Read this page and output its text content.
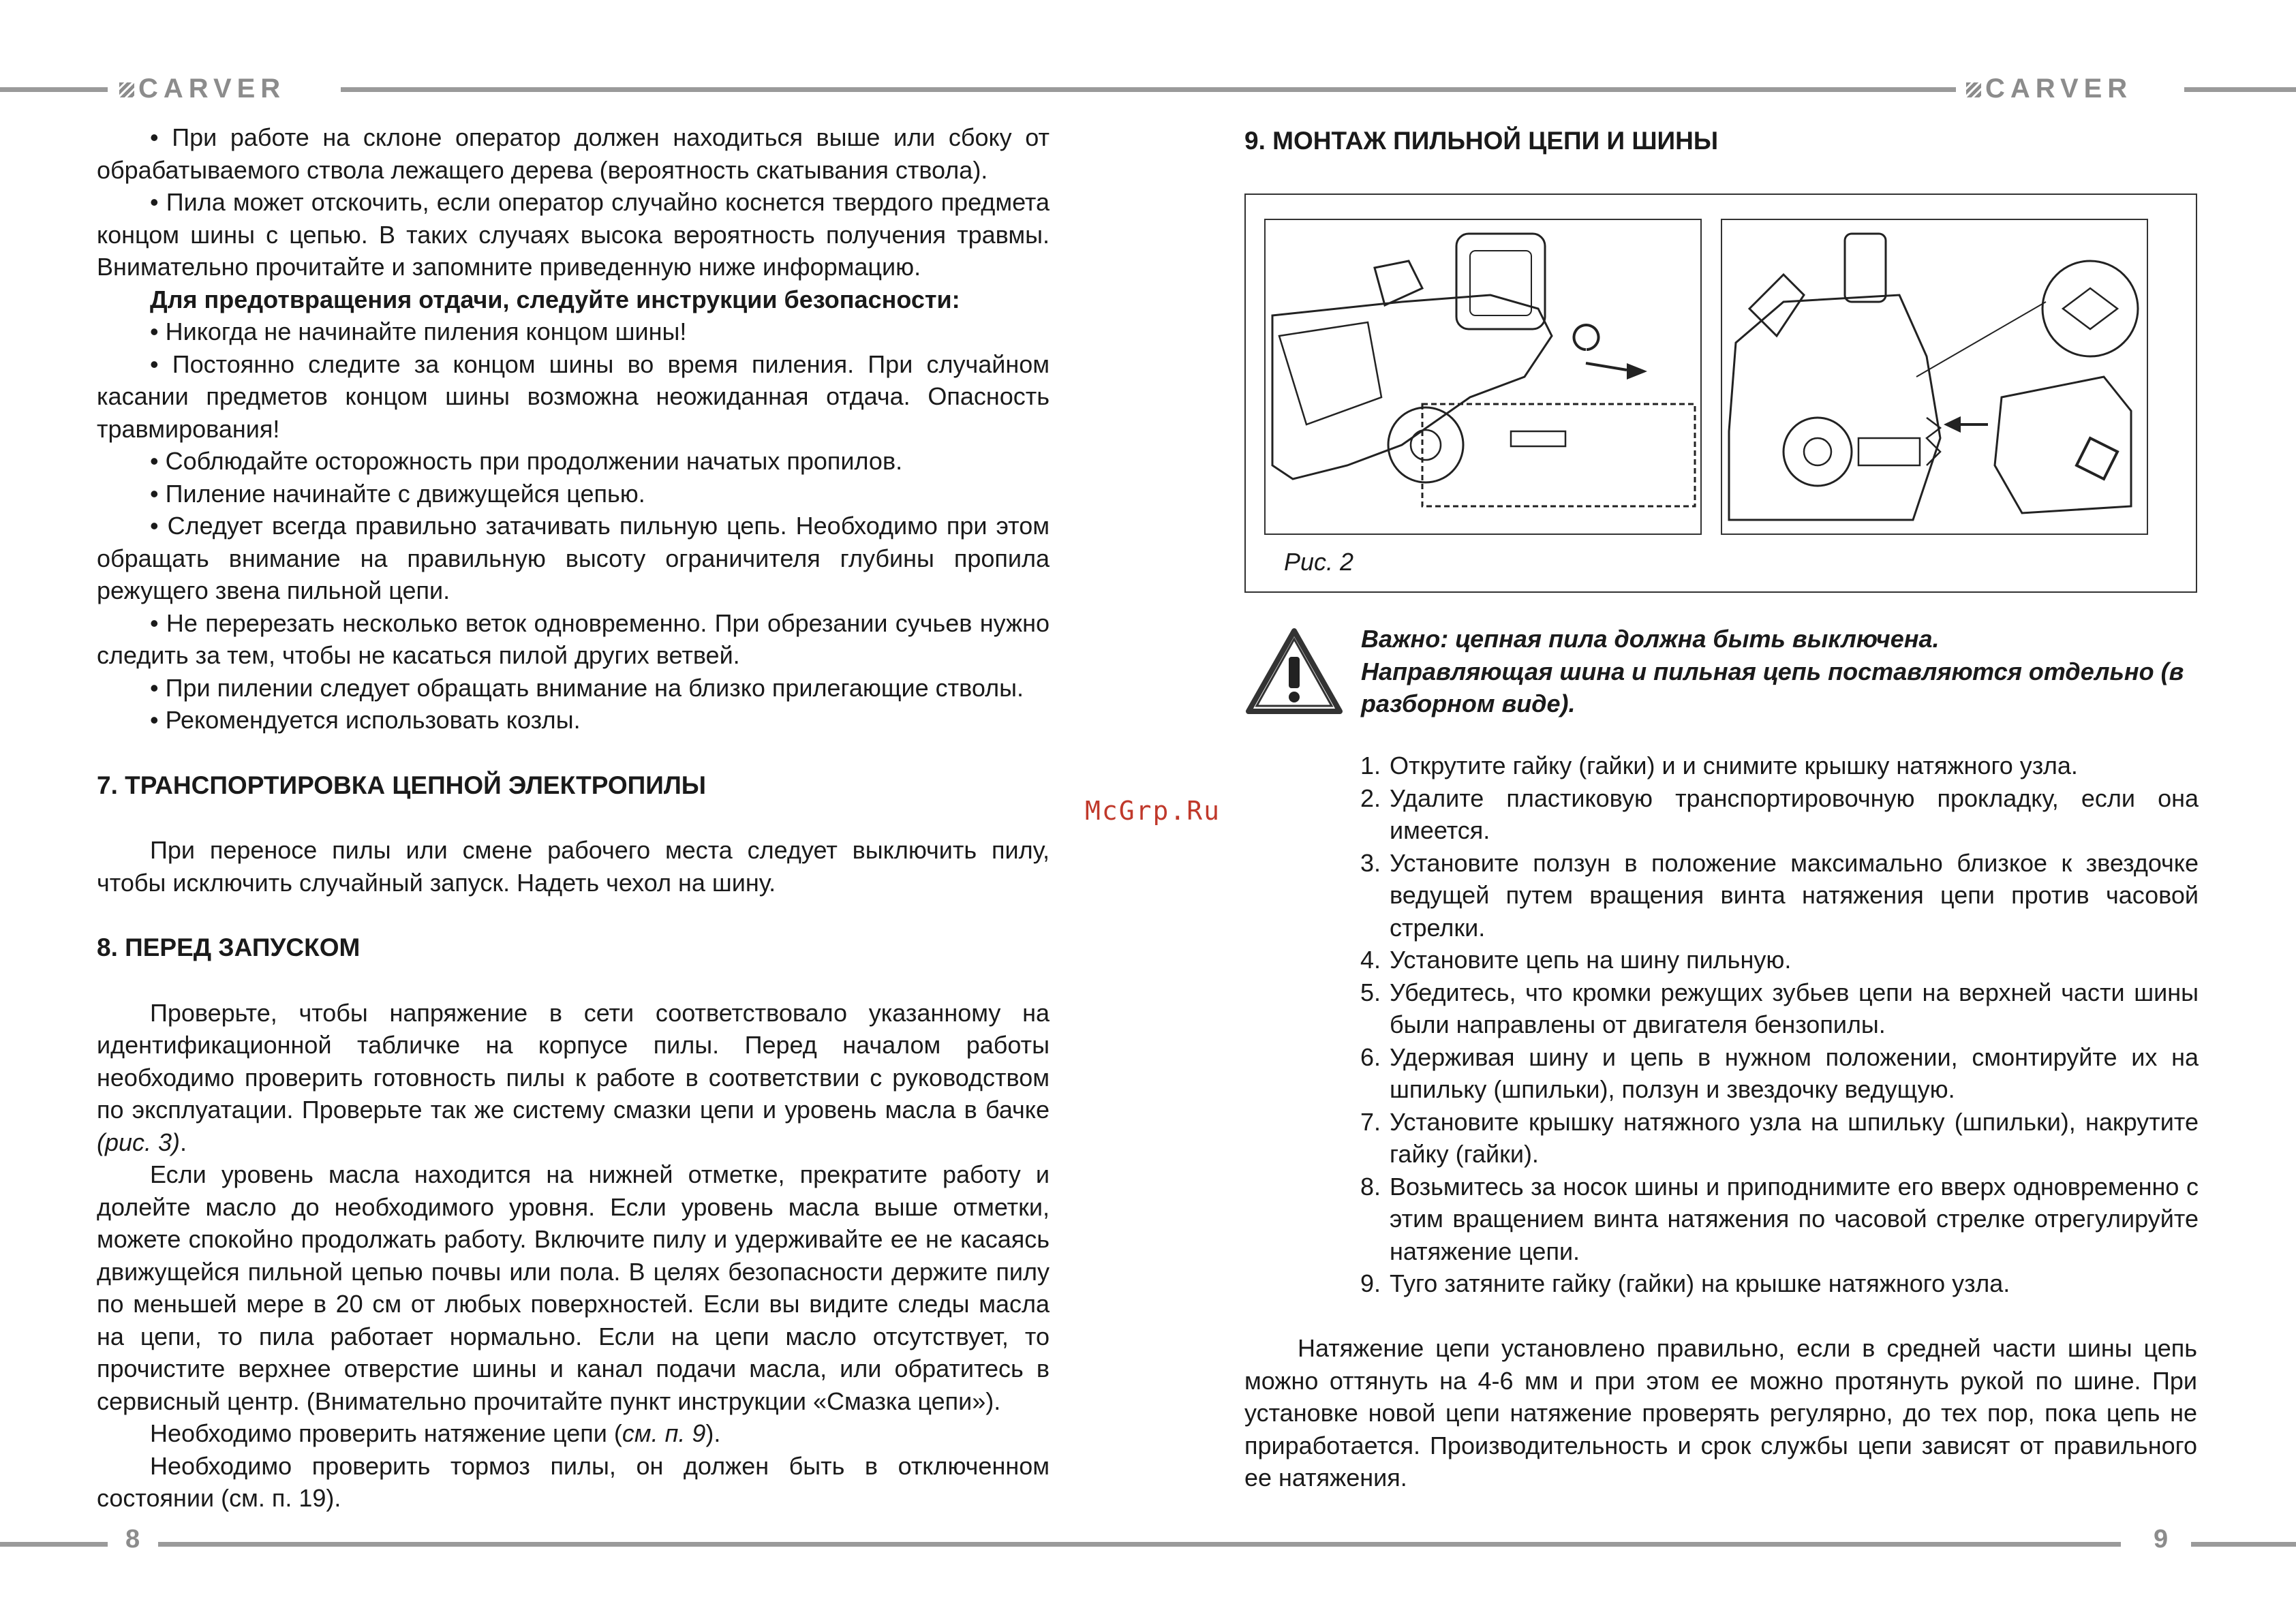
CARVER	CARVER
8	9

• При работе на склоне оператор должен находиться выше или сбоку от обрабатываемого ствола лежащего дерева (вероятность скатывания ствола).

• Пила может отскочить, если оператор случайно коснется твердого предмета концом шины с цепью. В таких случаях высока вероятность получения травмы. Внимательно прочитайте и запомните приведенную ниже информацию.

Для предотвращения отдачи, следуйте инструкции безопасности:

• Никогда не начинайте пиления концом шины!

• Постоянно следите за концом шины во время пиления. При случайном касании предметов концом шины возможна неожиданная отдача. Опасность травмирования!

• Соблюдайте осторожность при продолжении начатых пропилов.

• Пиление начинайте с движущейся цепью.

• Следует всегда правильно затачивать пильную цепь. Необходимо при этом обращать внимание на правильную высоту ограничителя глубины пропила режущего звена пильной цепи.

• Не перерезать несколько веток одновременно. При обрезании сучьев нужно следить за тем, чтобы не касаться пилой других ветвей.

• При пилении следует обращать внимание на близко прилегающие стволы.

• Рекомендуется использовать козлы.

7. ТРАНСПОРТИРОВКА ЦЕПНОЙ ЭЛЕКТРОПИЛЫ

При переносе пилы или смене рабочего места следует выключить пилу, чтобы исключить случайный запуск. Надеть чехол на шину.

8. ПЕРЕД ЗАПУСКОМ

Проверьте, чтобы напряжение в сети соответствовало указанному на идентификационной табличке на корпусе пилы. Перед началом работы необходимо проверить готовность пилы к работе в соответствии с руководством по эксплуатации. Проверьте так же систему смазки цепи и уровень масла в бачке (рис. 3).

Если уровень масла находится на нижней отметке, прекратите работу и долейте масло до необходимого уровня. Если уровень масла выше отметки, можете спокойно продолжать работу. Включите пилу и удерживайте ее не касаясь движущейся пильной цепью почвы или пола. В целях безопасности держите пилу по меньшей мере в 20 см от любых поверхностей. Если вы видите следы масла на цепи, то пила работает нормально. Если на цепи масло отсутствует, то прочистите верхнее отверстие шины и канал подачи масла, или обратитесь в сервисный центр. (Внимательно прочитайте пункт инструкции «Смазка цепи»).

Необходимо проверить натяжение цепи (см. п. 9).

Необходимо проверить тормоз пилы, он должен быть в отключенном состоянии (см. п. 19).

McGrp.Ru
9. МОНТАЖ ПИЛЬНОЙ ЦЕПИ И ШИНЫ
Рис. 2
Важно: цепная пила должна быть выключена.
Направляющая шина и пильная цепь поставляются отдельно (в разборном виде).
1. Открутите гайку (гайки) и и снимите крышку натяжного узла.
2. Удалите пластиковую транспортировочную прокладку, если она имеется.
3. Установите ползун в положение максимально близкое к звездочке ведущей путем вращения винта натяжения цепи против часовой стрелки.
4. Установите цепь на шину пильную.
5. Убедитесь, что кромки режущих зубьев цепи на верхней части шины были направлены от двигателя бензопилы.
6. Удерживая шину и цепь в нужном положении, смонтируйте их на шпильку (шпильки), ползун и звездочку ведущую.
7. Установите крышку натяжного узла на шпильку (шпильки), накрутите гайку (гайки).
8. Возьмитесь за носок шины и приподнимите его вверх одновременно с этим вращением винта натяжения по часовой стрелке отрегулируйте натяжение цепи.
9. Туго затяните гайку (гайки) на крышке натяжного узла.

Натяжение цепи установлено правильно, если в средней части шины цепь можно оттянуть на 4-6 мм и при этом ее можно протянуть рукой по шине. При установке новой цепи натяжение проверять регулярно, до тех пор, пока цепь не приработается. Производительность и срок службы цепи зависят от правильного ее натяжения.
